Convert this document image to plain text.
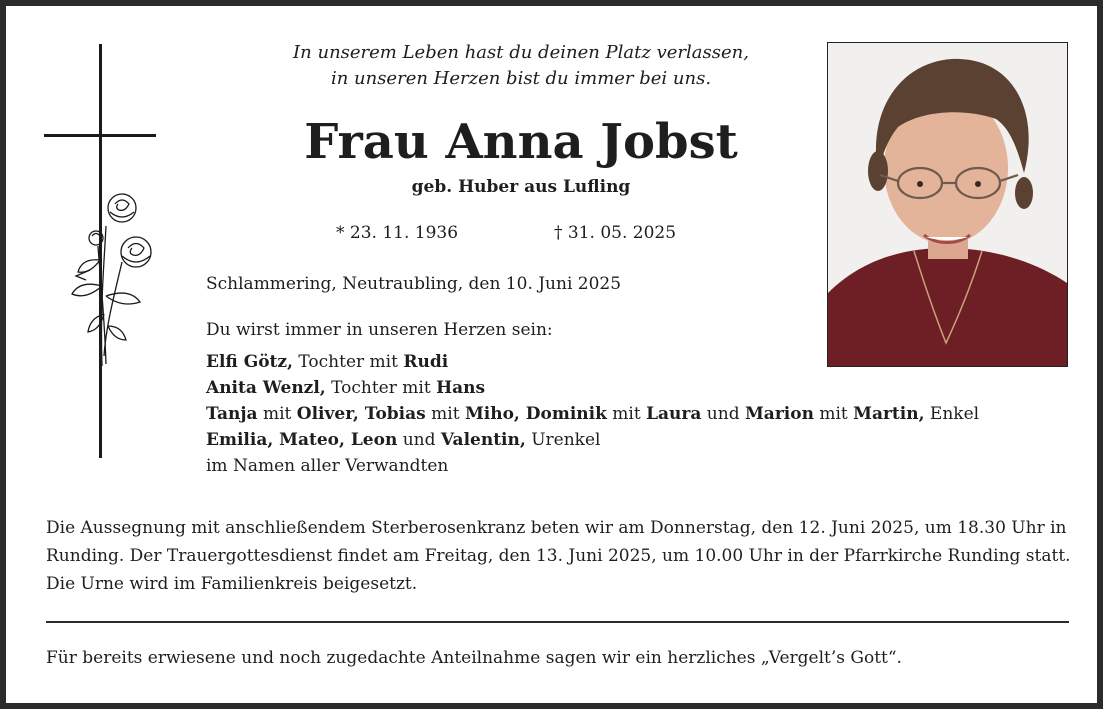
In unserem Leben hast du deinen Platz verlassen,
in unseren Herzen bist du immer bei uns.
Frau Anna Jobst
geb. Huber aus Lufling
* 23. 11. 1936	† 31. 05. 2025
Schlammering, Neutraubling, den 10. Juni 2025
Du wirst immer in unseren Herzen sein:
Elfi Götz, Tochter mit Rudi
Anita Wenzl, Tochter mit Hans
Tanja mit Oliver, Tobias mit Miho, Dominik mit Laura und Marion mit Martin, Enkel
Emilia, Mateo, Leon und Valentin, Urenkel
im Namen aller Verwandten
Die Aussegnung mit anschließendem Sterberosenkranz beten wir am Donnerstag, den 12. Juni 2025, um 18.30 Uhr in Runding. Der Trauergottesdienst findet am Freitag, den 13. Juni 2025, um 10.00 Uhr in der Pfarrkirche Runding statt. Die Urne wird im Familienkreis beigesetzt.
Für bereits erwiesene und noch zugedachte Anteilnahme sagen wir ein herzliches „Vergelt’s Gott“.
